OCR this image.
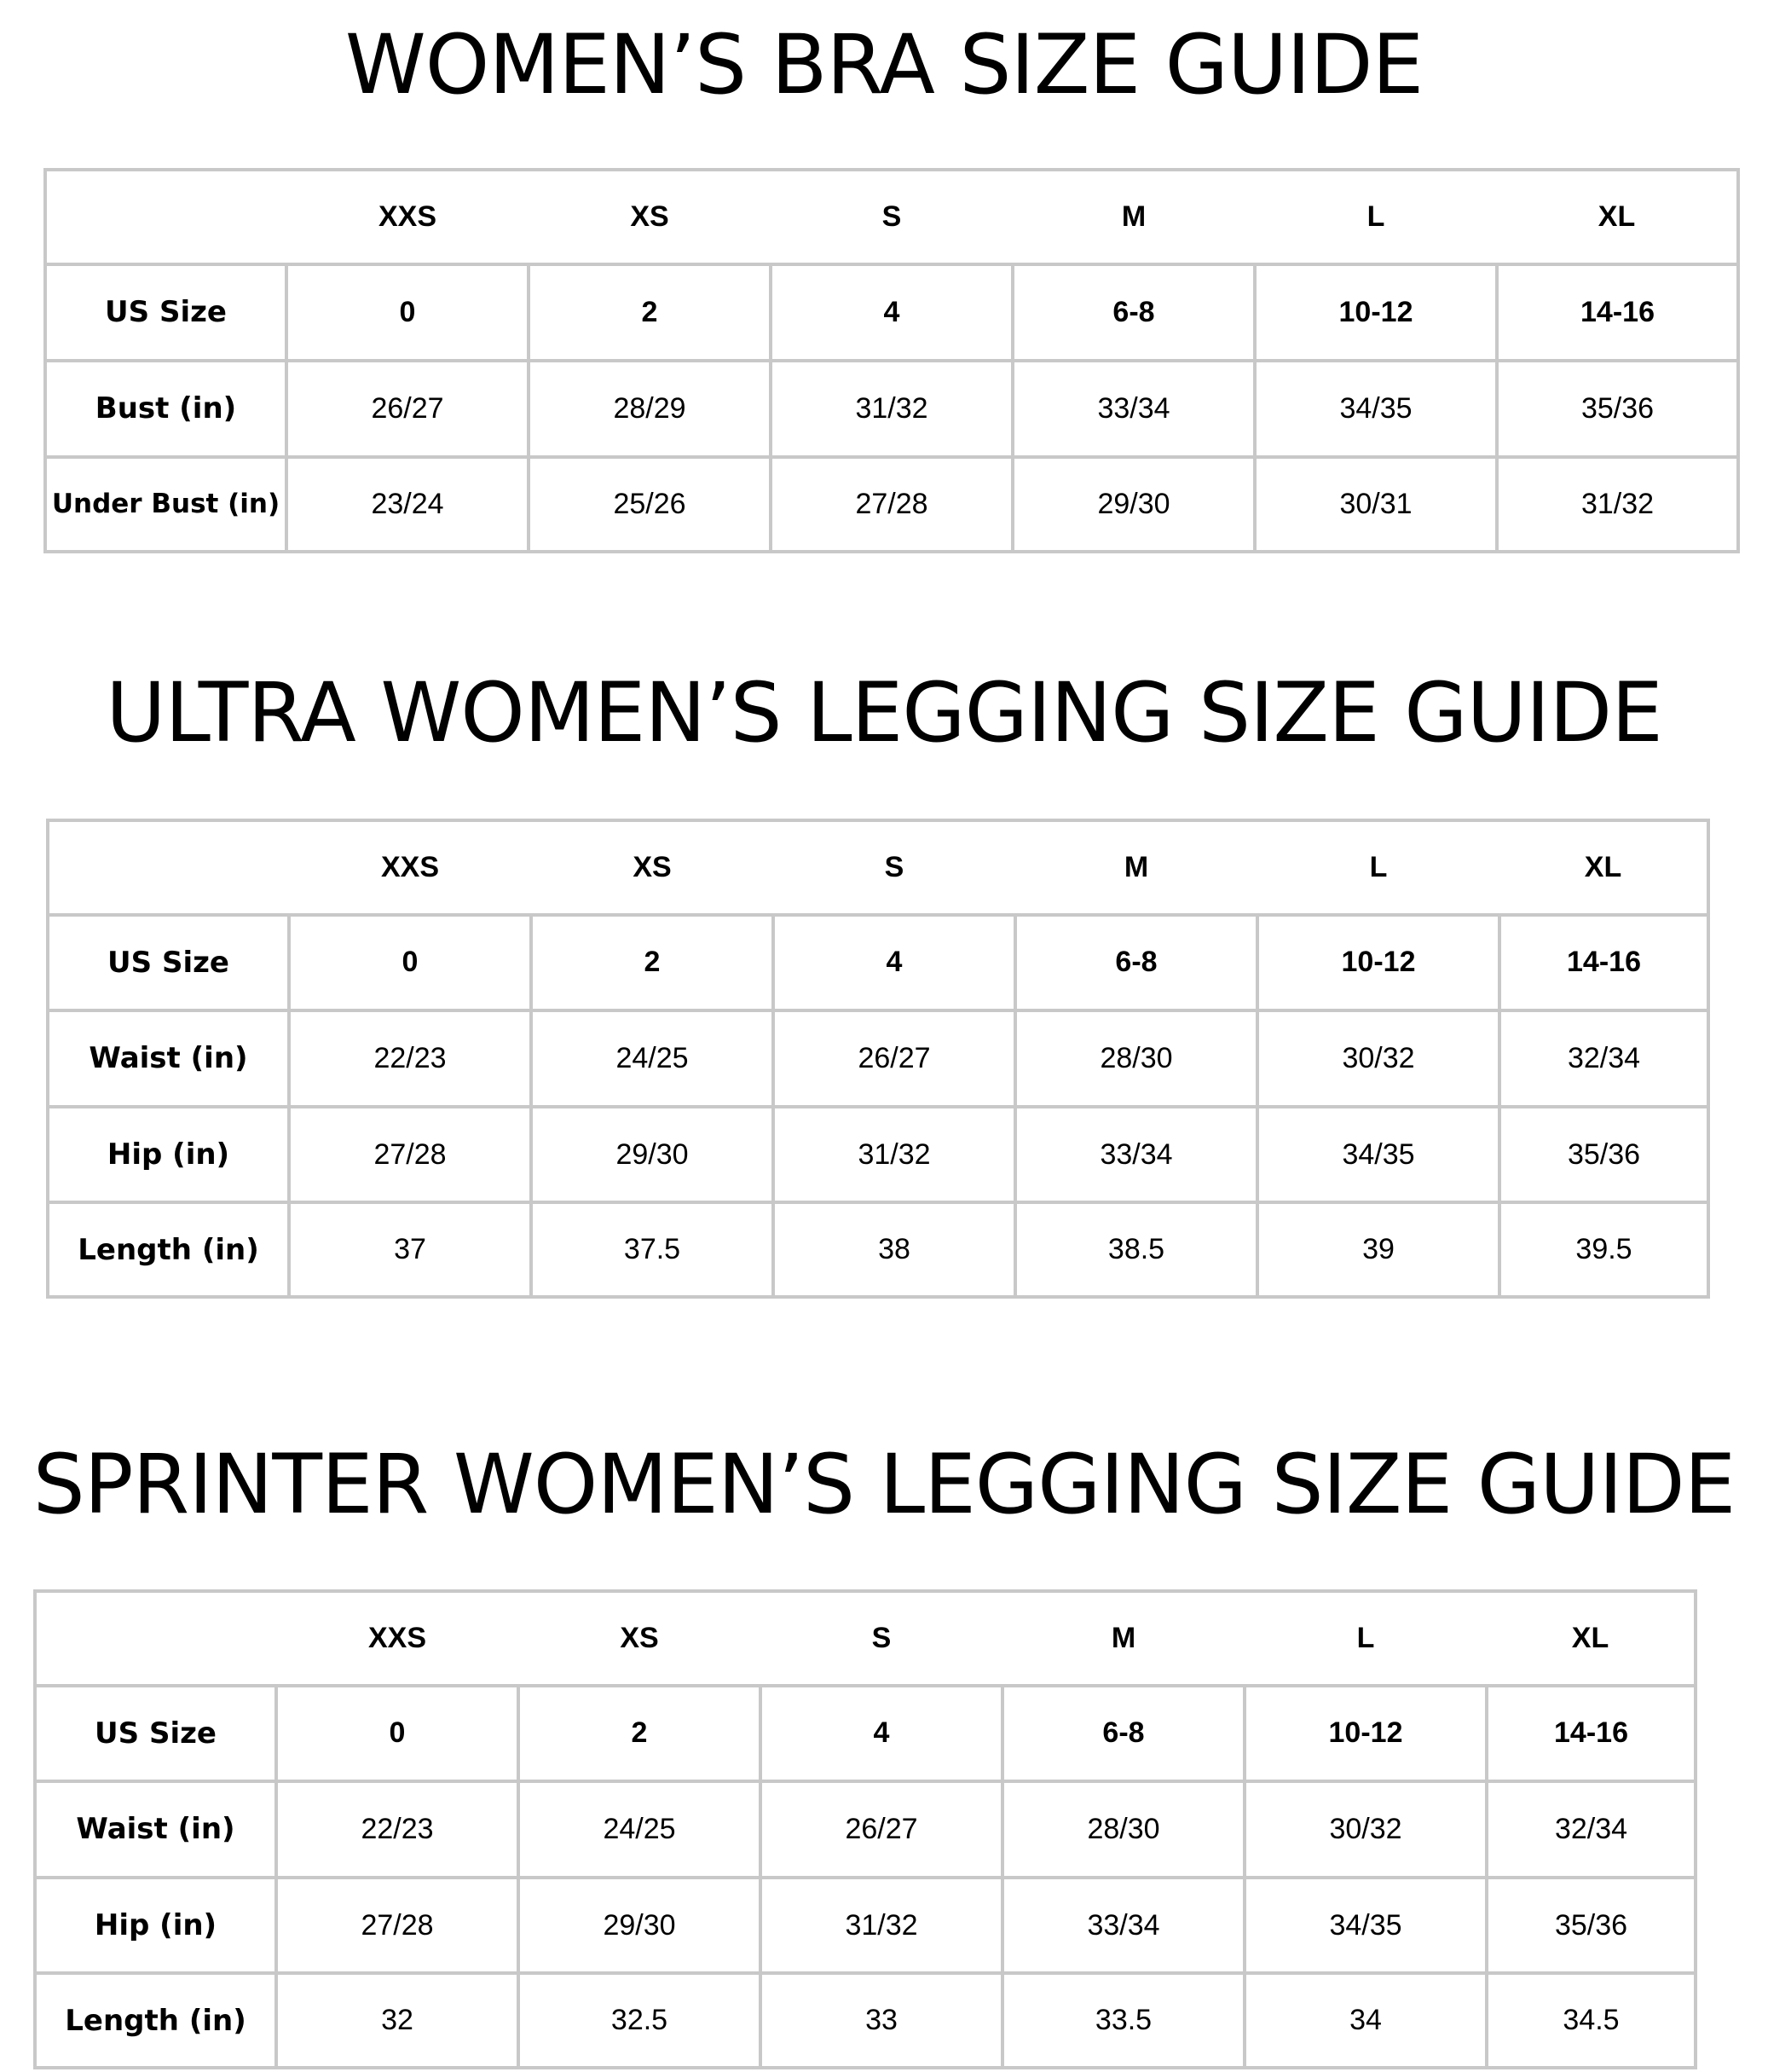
WOMEN’S BRA SIZE GUIDE
	XXS	XS	S	M	L	XL
US Size	0	2	4	6-8	10-12	14-16
Bust (in)	26/27	28/29	31/32	33/34	34/35	35/36
Under Bust (in)	23/24	25/26	27/28	29/30	30/31	31/32
ULTRA WOMEN’S LEGGING SIZE GUIDE
	XXS	XS	S	M	L	XL
US Size	0	2	4	6-8	10-12	14-16
Waist (in)	22/23	24/25	26/27	28/30	30/32	32/34
Hip (in)	27/28	29/30	31/32	33/34	34/35	35/36
Length (in)	37	37.5	38	38.5	39	39.5
SPRINTER WOMEN’S LEGGING SIZE GUIDE
	XXS	XS	S	M	L	XL
US Size	0	2	4	6-8	10-12	14-16
Waist (in)	22/23	24/25	26/27	28/30	30/32	32/34
Hip (in)	27/28	29/30	31/32	33/34	34/35	35/36
Length (in)	32	32.5	33	33.5	34	34.5
